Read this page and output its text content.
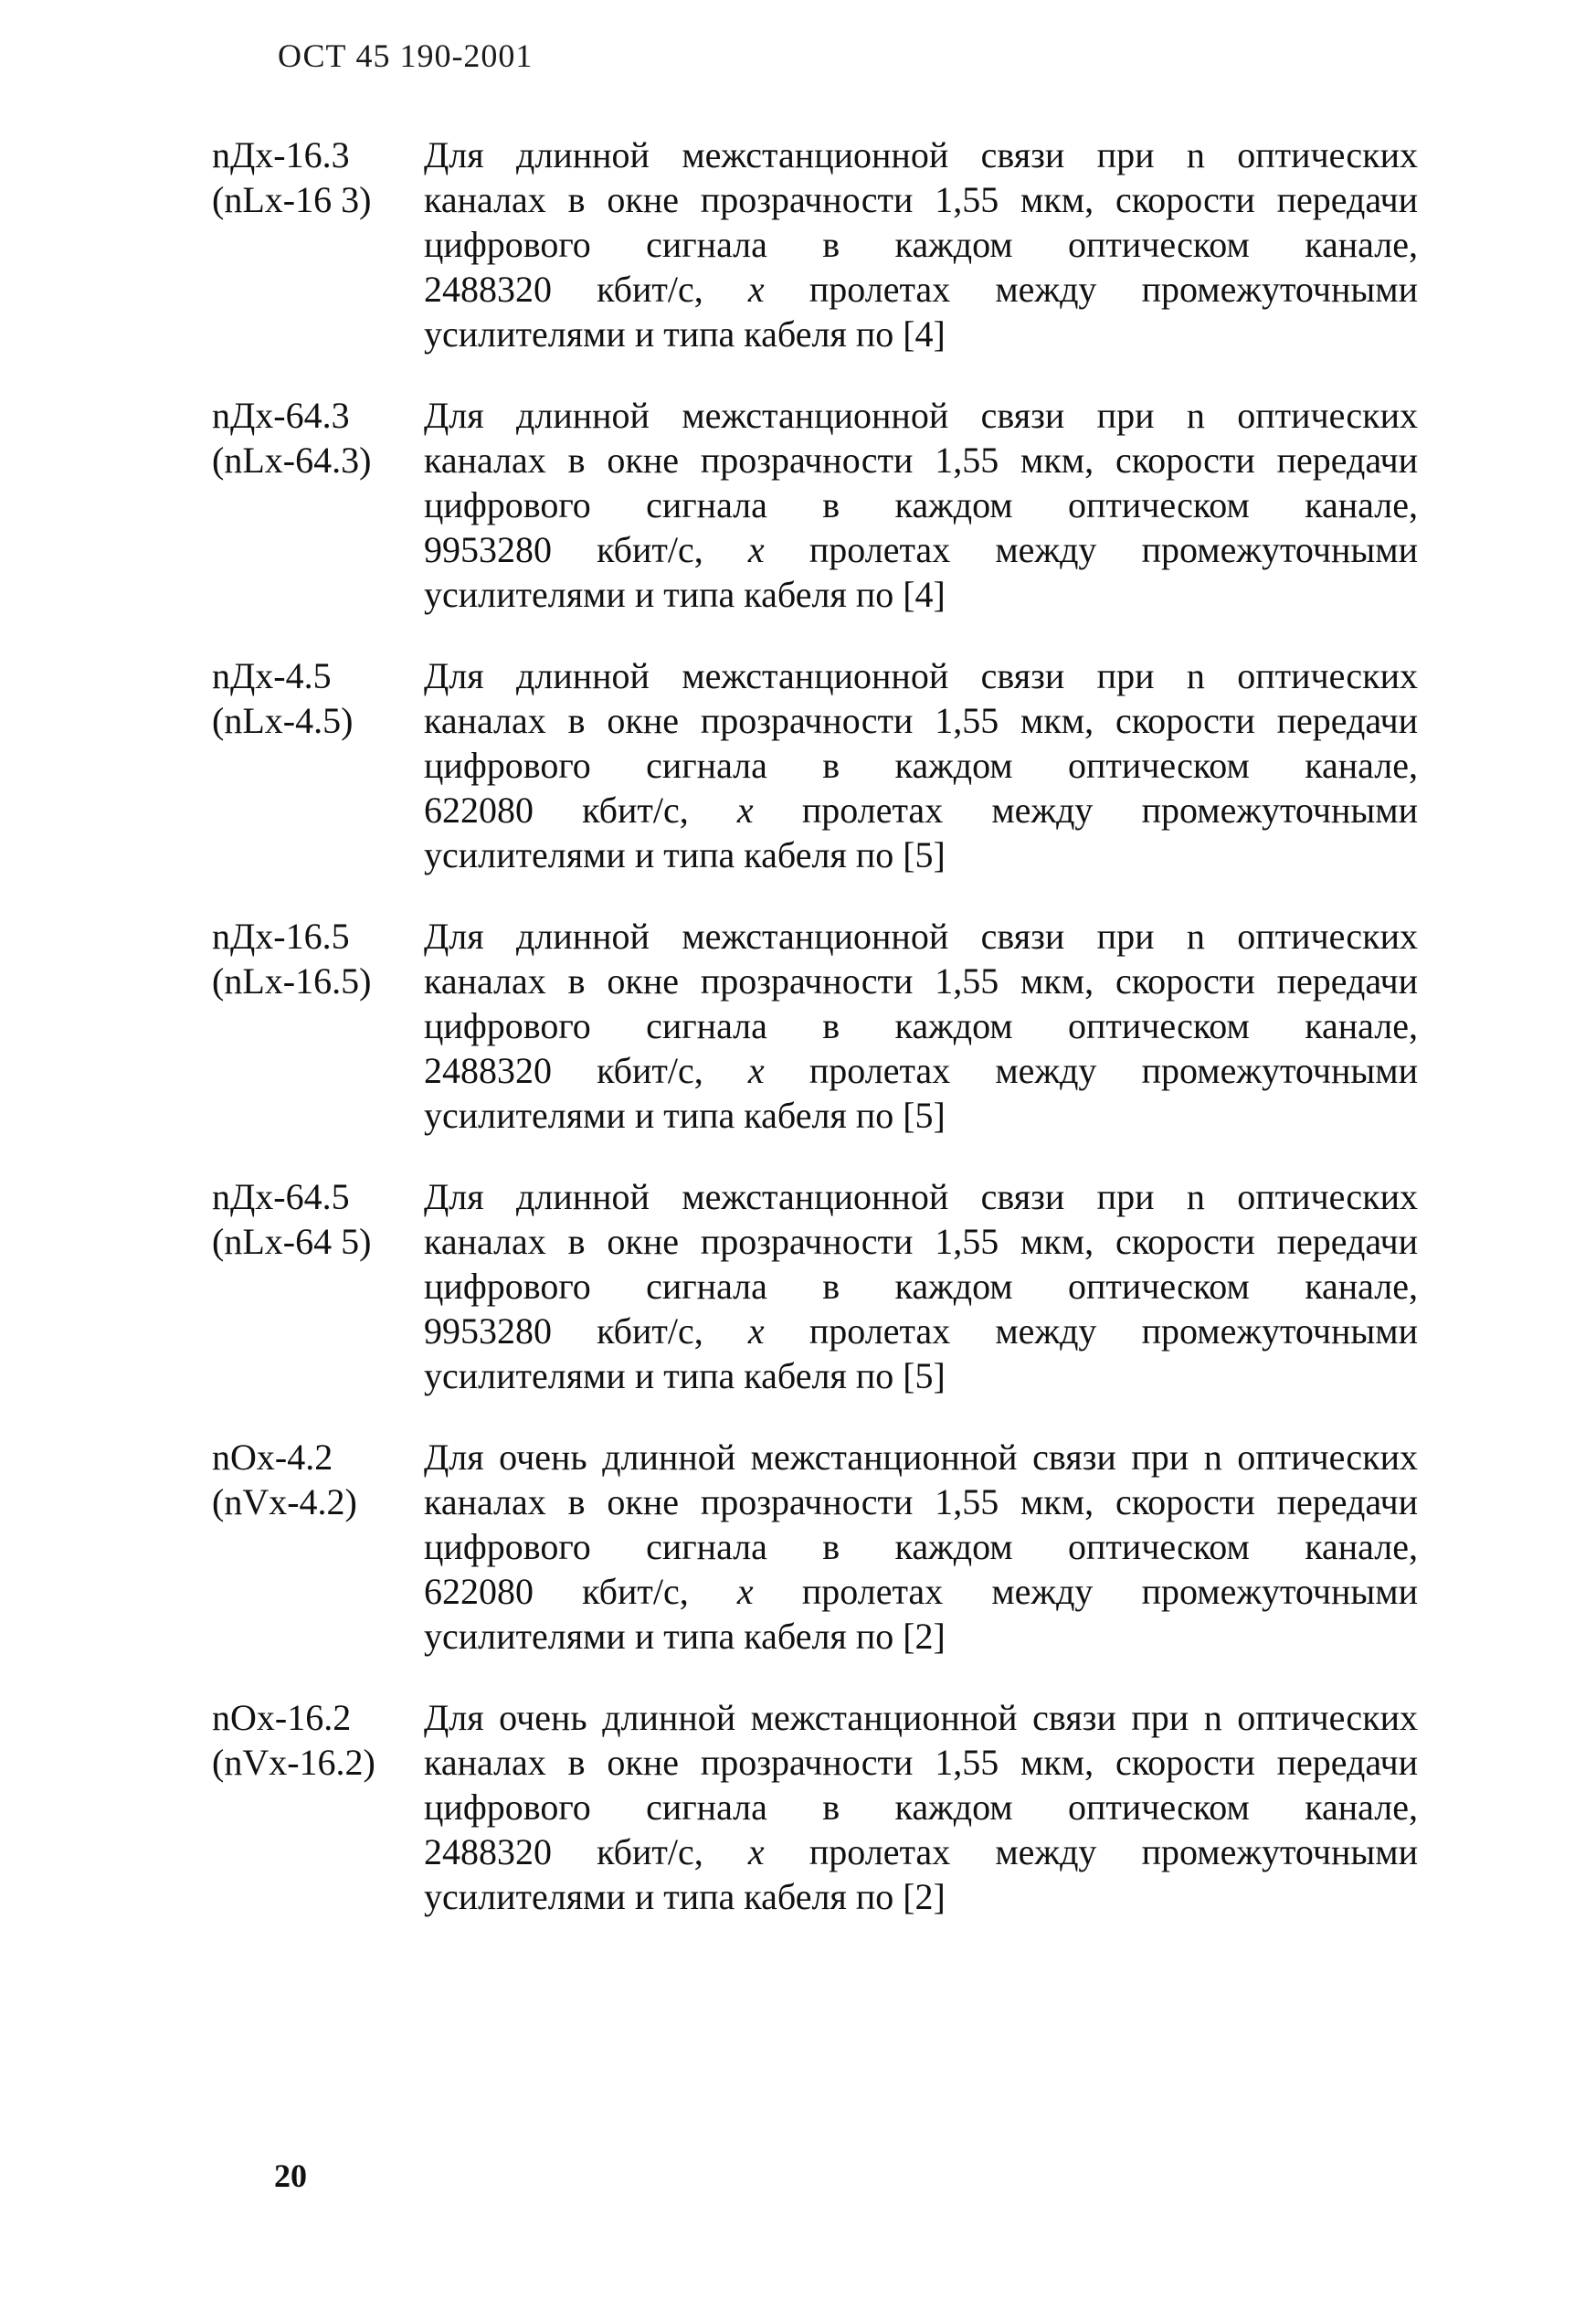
ОСТ 45 190-2001
nДx-16.3
(nLx-16 3)
Для длинной межстанционной связи при n оптических
каналах в окне прозрачности 1,55 мкм, скорости передачи
цифрового сигнала в каждом оптическом канале,
2488320 кбит/с, x пролетах между промежуточными
усилителями и типа кабеля по [4]
nДx-64.3
(nLx-64.3)
Для длинной межстанционной связи при n оптических
каналах в окне прозрачности 1,55 мкм, скорости передачи
цифрового сигнала в каждом оптическом канале,
9953280 кбит/с, x пролетах между промежуточными
усилителями и типа кабеля по [4]
nДx-4.5
(nLx-4.5)
Для длинной межстанционной связи при n оптических
каналах в окне прозрачности 1,55 мкм, скорости передачи
цифрового сигнала в каждом оптическом канале,
622080 кбит/с, x пролетах между промежуточными
усилителями и типа кабеля по [5]
nДx-16.5
(nLx-16.5)
Для длинной межстанционной связи при n оптических
каналах в окне прозрачности 1,55 мкм, скорости передачи
цифрового сигнала в каждом оптическом канале,
2488320 кбит/с, x пролетах между промежуточными
усилителями и типа кабеля по [5]
nДx-64.5
(nLx-64 5)
Для длинной межстанционной связи при n оптических
каналах в окне прозрачности 1,55 мкм, скорости передачи
цифрового сигнала в каждом оптическом канале,
9953280 кбит/с, x пролетах между промежуточными
усилителями и типа кабеля по [5]
nOx-4.2
(nVx-4.2)
Для очень длинной межстанционной связи при n оптических
каналах в окне прозрачности 1,55 мкм, скорости передачи
цифрового сигнала в каждом оптическом канале,
622080 кбит/с, x пролетах между промежуточными
усилителями и типа кабеля по [2]
nOx-16.2
(nVx-16.2)
Для очень длинной межстанционной связи при n оптических
каналах в окне прозрачности 1,55 мкм, скорости передачи
цифрового сигнала в каждом оптическом канале,
2488320 кбит/с, x пролетах между промежуточными
усилителями и типа кабеля по [2]
20
